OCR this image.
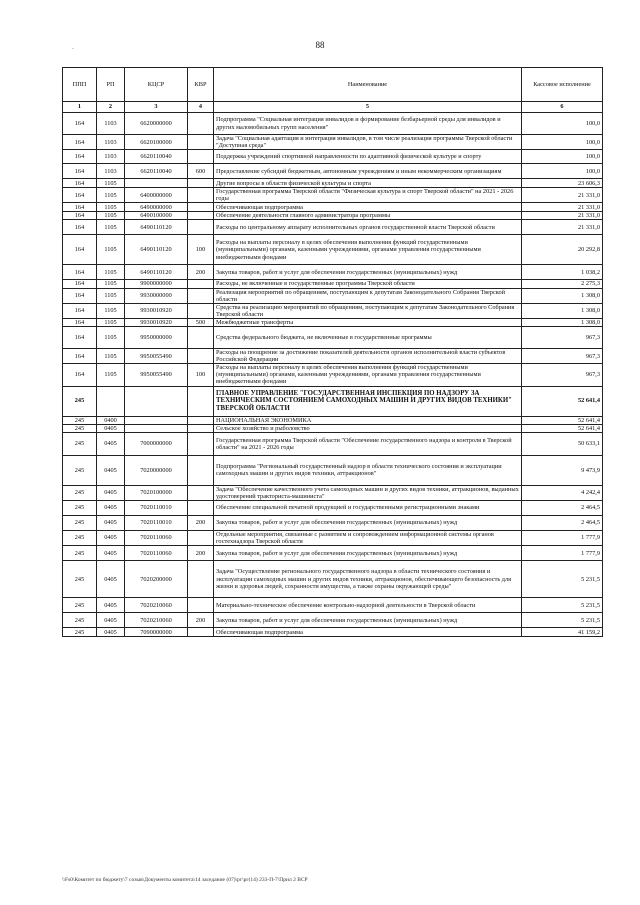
88
-
ППП	РП	КЦСР	КВР	Наименование	Кассовое исполнение
1	2	3	4	5	6
164	1103	6620000000		Подпрограмма "Социальная интеграция инвалидов и формирование безбарьерной среды для инвалидов и других маломобильных групп населения"	100,0
164	1103	6620100000		Задача "Социальная адаптация и интеграция инвалидов, в том числе реализация программы Тверской области "Доступная среда"	100,0
164	1103	6620110040		Поддержка учреждений спортивной направленности по адаптивной физической культуре и спорту	100,0
164	1103	6620110040	600	Предоставление субсидий бюджетным, автономным учреждениям и иным некоммерческим организациям	100,0
164	1105			Другие вопросы в области физической культуры и спорта	23 606,3
164	1105	6400000000		Государственная программа Тверской области "Физическая культура и спорт Тверской области" на 2021 - 2026 годы	21 331,0
164	1105	6490000000		Обеспечивающая подпрограмма	21 331,0
164	1105	6490100000		Обеспечение деятельности главного администратора программы	21 331,0
164	1105	6490110120		Расходы по центральному аппарату исполнительных органов государственной власти Тверской области	21 331,0
164	1105	6490110120	100	Расходы на выплаты персоналу в целях обеспечения выполнения функций государственными (муниципальными) органами, казенными учреждениями, органами управления государственными внебюджетными фондами	20 292,8
164	1105	6490110120	200	Закупка товаров, работ и услуг для обеспечения государственных (муниципальных) нужд	1 038,2
164	1105	9900000000		Расходы, не включенные в государственные программы Тверской области	2 275,3
164	1105	9930000000		Реализация мероприятий по обращениям, поступающим к депутатам Законодательного Собрания Тверской области	1 308,0
164	1105	9930010920		Средства на реализацию мероприятий по обращениям, поступающим к депутатам Законодательного Собрания Тверской области	1 308,0
164	1105	9930010920	500	Межбюджетные трансферты	1 308,0
164	1105	9950000000		Средства федерального бюджета, не включенные в государственные программы	967,3
164	1105	9950055490		Расходы на поощрение за достижение показателей деятельности органов исполнительной власти субъектов Российской Федерации	967,3
164	1105	9950055490	100	Расходы на выплаты персоналу в целях обеспечения выполнения функций государственными (муниципальными) органами, казенными учреждениями, органами управления государственными внебюджетными фондами	967,3
245				ГЛАВНОЕ УПРАВЛЕНИЕ "ГОСУДАРСТВЕННАЯ ИНСПЕКЦИЯ ПО НАДЗОРУ ЗА ТЕХНИЧЕСКИМ СОСТОЯНИЕМ САМОХОДНЫХ МАШИН И ДРУГИХ ВИДОВ ТЕХНИКИ" ТВЕРСКОЙ ОБЛАСТИ	52 641,4
245	0400			НАЦИОНАЛЬНАЯ ЭКОНОМИКА	52 641,4
245	0405			Сельское хозяйство и рыболовство	52 641,4
245	0405	7000000000		Государственная программа Тверской области "Обеспечение государственного надзора и контроля в Тверской области" на 2021 - 2026 годы	50 633,1
245	0405	7020000000		Подпрограмма "Региональный государственный надзор в области технического состояния и эксплуатации самоходных машин и других видов техники, аттракционов"	9 473,9
245	0405	7020100000		Задача "Обеспечение качественного учета самоходных машин и других видов техники, аттракционов, выданных удостоверений тракториста-машиниста"	4 242,4
245	0405	7020110010		Обеспечение специальной печатной продукцией и государственными регистрационными знаками	2 464,5
245	0405	7020110010	200	Закупка товаров, работ и услуг для обеспечения государственных (муниципальных) нужд	2 464,5
245	0405	7020110060		Отдельные мероприятия, связанные с развитием и сопровождением информационной системы органов гостехнадзора Тверской области	1 777,9
245	0405	7020110060	200	Закупка товаров, работ и услуг для обеспечения государственных (муниципальных) нужд	1 777,9
245	0405	7020200000		Задача "Осуществление регионального государственного надзора в области технического состояния и эксплуатации самоходных машин и других видов техники, аттракционов, обеспечивающего безопасность для жизни и здоровья людей, сохранности имущества, а также охраны окружающей среды"	5 231,5
245	0405	7020210060		Материально-техническое обеспечение контрольно-надзорной деятельности в Тверской области	5 231,5
245	0405	7020210060	200	Закупка товаров, работ и услуг для обеспечения государственных (муниципальных) нужд	5 231,5
245	0405	7090000000		Обеспечивающая подпрограмма	41 159,2
\\Fs0\Комитет по бюджету\7 созыв\Документы комитета\14 заседание (07)\рг\рг(14) 233-П-7\Прил 2 ВСР
